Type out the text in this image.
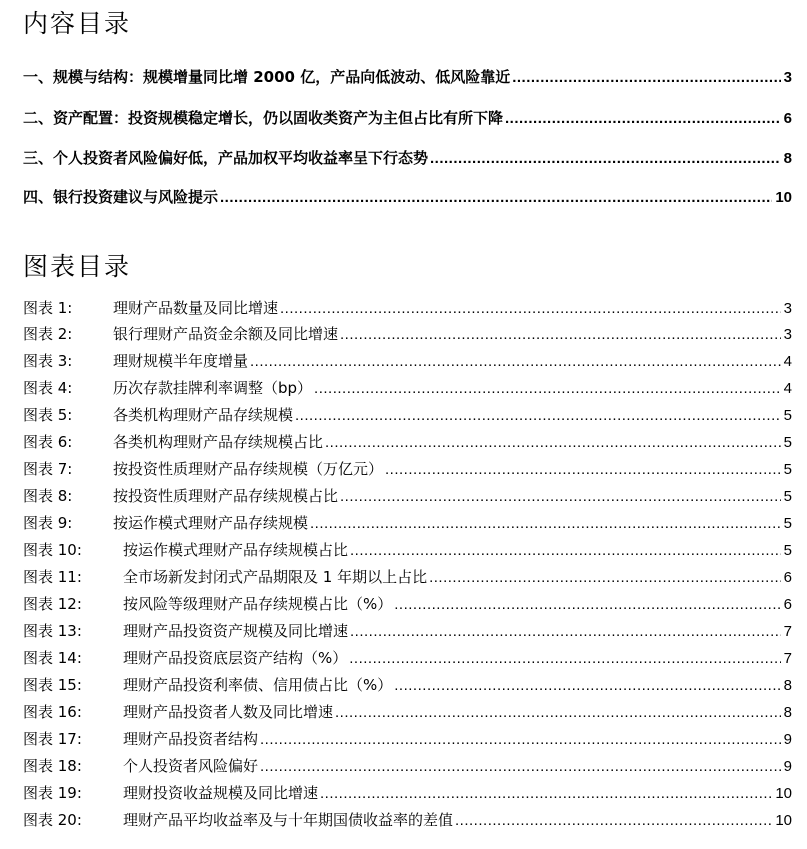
内容目录
一、规模与结构：规模增量同比增 2000 亿，产品向低波动、低风险靠近 .....	3
二、资产配置：投资规模稳定增长，仍以固收类资产为主但占比有所下降 .....	6
三、个人投资者风险偏好低，产品加权平均收益率呈下行态势 .....	8
四、银行投资建议与风险提示 .....	10
图表目录
图表 1:	理财产品数量及同比增速 .....	3
图表 2:	银行理财产品资金余额及同比增速 .....	3
图表 3:	理财规模半年度增量 .....	4
图表 4:	历次存款挂牌利率调整（bp） .....	4
图表 5:	各类机构理财产品存续规模 .....	5
图表 6:	各类机构理财产品存续规模占比 .....	5
图表 7:	按投资性质理财产品存续规模（万亿元） .....	5
图表 8:	按投资性质理财产品存续规模占比 .....	5
图表 9:	按运作模式理财产品存续规模 .....	5
图表 10:	按运作模式理财产品存续规模占比 .....	5
图表 11:	全市场新发封闭式产品期限及 1 年期以上占比 .....	6
图表 12:	按风险等级理财产品存续规模占比（%） .....	6
图表 13:	理财产品投资资产规模及同比增速 .....	7
图表 14:	理财产品投资底层资产结构（%） .....	7
图表 15:	理财产品投资利率债、信用债占比（%） .....	8
图表 16:	理财产品投资者人数及同比增速 .....	8
图表 17:	理财产品投资者结构 .....	9
图表 18:	个人投资者风险偏好 .....	9
图表 19:	理财投资收益规模及同比增速 .....	10
图表 20:	理财产品平均收益率及与十年期国债收益率的差值 .....	10
